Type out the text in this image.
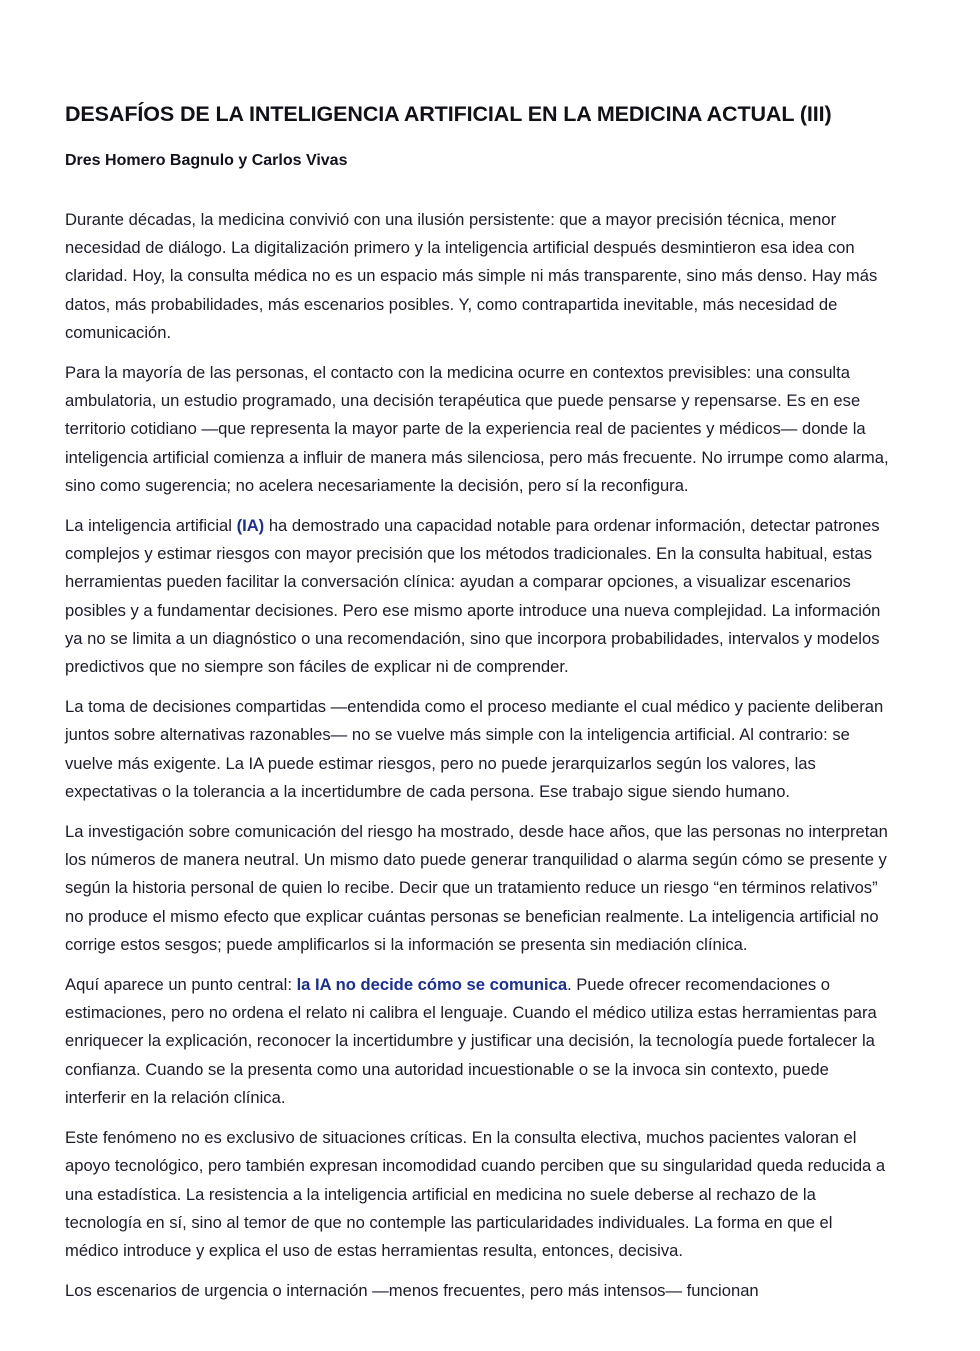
DESAFÍOS DE LA INTELIGENCIA ARTIFICIAL EN LA MEDICINA ACTUAL (III)
Dres Homero Bagnulo y Carlos Vivas

Durante décadas, la medicina convivió con una ilusión persistente: que a mayor precisión técnica, menor necesidad de diálogo. La digitalización primero y la inteligencia artificial después desmintieron esa idea con claridad. Hoy, la consulta médica no es un espacio más simple ni más transparente, sino más denso. Hay más datos, más probabilidades, más escenarios posibles. Y, como contrapartida inevitable, más necesidad de comunicación.

Para la mayoría de las personas, el contacto con la medicina ocurre en contextos previsibles: una consulta ambulatoria, un estudio programado, una decisión terapéutica que puede pensarse y repensarse. Es en ese territorio cotidiano —que representa la mayor parte de la experiencia real de pacientes y médicos— donde la inteligencia artificial comienza a influir de manera más silenciosa, pero más frecuente. No irrumpe como alarma, sino como sugerencia; no acelera necesariamente la decisión, pero sí la reconfigura.

La inteligencia artificial (IA) ha demostrado una capacidad notable para ordenar información, detectar patrones complejos y estimar riesgos con mayor precisión que los métodos tradicionales. En la consulta habitual, estas herramientas pueden facilitar la conversación clínica: ayudan a comparar opciones, a visualizar escenarios posibles y a fundamentar decisiones. Pero ese mismo aporte introduce una nueva complejidad. La información ya no se limita a un diagnóstico o una recomendación, sino que incorpora probabilidades, intervalos y modelos predictivos que no siempre son fáciles de explicar ni de comprender.

La toma de decisiones compartidas —entendida como el proceso mediante el cual médico y paciente deliberan juntos sobre alternativas razonables— no se vuelve más simple con la inteligencia artificial. Al contrario: se vuelve más exigente. La IA puede estimar riesgos, pero no puede jerarquizarlos según los valores, las expectativas o la tolerancia a la incertidumbre de cada persona. Ese trabajo sigue siendo humano.

La investigación sobre comunicación del riesgo ha mostrado, desde hace años, que las personas no interpretan los números de manera neutral. Un mismo dato puede generar tranquilidad o alarma según cómo se presente y según la historia personal de quien lo recibe. Decir que un tratamiento reduce un riesgo “en términos relativos” no produce el mismo efecto que explicar cuántas personas se benefician realmente. La inteligencia artificial no corrige estos sesgos; puede amplificarlos si la información se presenta sin mediación clínica.

Aquí aparece un punto central: la IA no decide cómo se comunica. Puede ofrecer recomendaciones o estimaciones, pero no ordena el relato ni calibra el lenguaje. Cuando el médico utiliza estas herramientas para enriquecer la explicación, reconocer la incertidumbre y justificar una decisión, la tecnología puede fortalecer la confianza. Cuando se la presenta como una autoridad incuestionable o se la invoca sin contexto, puede interferir en la relación clínica.

Este fenómeno no es exclusivo de situaciones críticas. En la consulta electiva, muchos pacientes valoran el apoyo tecnológico, pero también expresan incomodidad cuando perciben que su singularidad queda reducida a una estadística. La resistencia a la inteligencia artificial en medicina no suele deberse al rechazo de la tecnología en sí, sino al temor de que no contemple las particularidades individuales. La forma en que el médico introduce y explica el uso de estas herramientas resulta, entonces, decisiva.

Los escenarios de urgencia o internación —menos frecuentes, pero más intensos— funcionan
